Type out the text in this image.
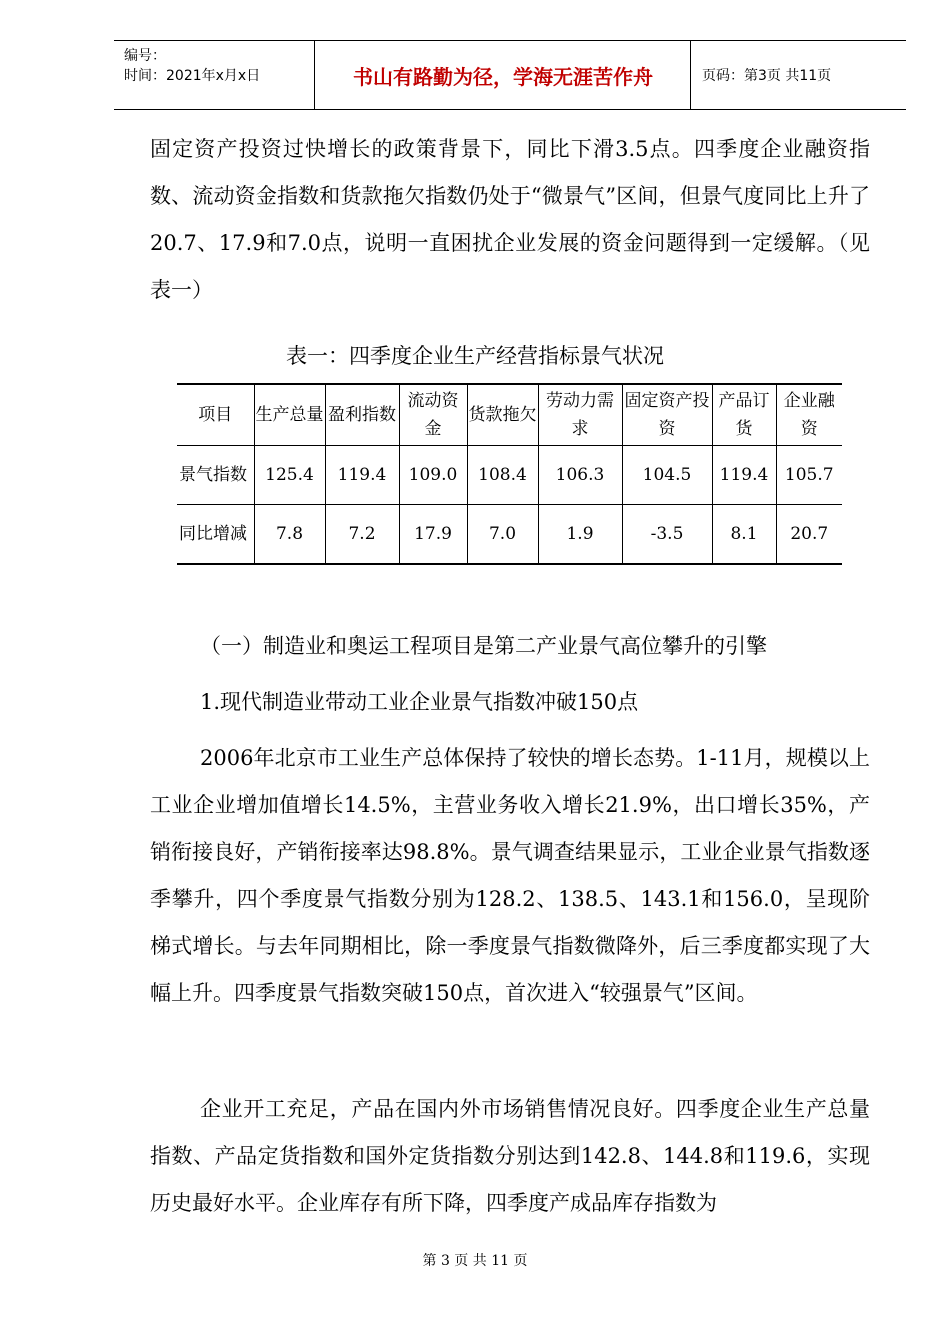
编号：
时间：2021年x月x日	书山有路勤为径，学海无涯苦作舟	页码：第3页 共11页

固定资产投资过快增长的政策背景下，同比下滑3.5点。四季度企业融资指数、流动资金指数和货款拖欠指数仍处于“微景气”区间，但景气度同比上升了20.7、17.9和7.0点，说明一直困扰企业发展的资金问题得到一定缓解。（见表一）

表一：四季度企业生产经营指标景气状况
项目	生产总量	盈利指数	流动资金	货款拖欠	劳动力需求	固定资产投资	产品订货	企业融资
景气指数	125.4	119.4	109.0	108.4	106.3	104.5	119.4	105.7
同比增减	7.8	7.2	17.9	7.0	1.9	-3.5	8.1	20.7
（一）制造业和奥运工程项目是第二产业景气高位攀升的引擎
1.现代制造业带动工业企业景气指数冲破150点

2006年北京市工业生产总体保持了较快的增长态势。1-11月，规模以上工业企业增加值增长14.5%，主营业务收入增长21.9%，出口增长35%，产销衔接良好，产销衔接率达98.8%。景气调查结果显示，工业企业景气指数逐季攀升，四个季度景气指数分别为128.2、138.5、143.1和156.0，呈现阶梯式增长。与去年同期相比，除一季度景气指数微降外，后三季度都实现了大幅上升。四季度景气指数突破150点，首次进入“较强景气”区间。

企业开工充足，产品在国内外市场销售情况良好。四季度企业生产总量指数、产品定货指数和国外定货指数分别达到142.8、144.8和119.6，实现历史最好水平。企业库存有所下降，四季度产成品库存指数为

第 3 页 共 11 页
